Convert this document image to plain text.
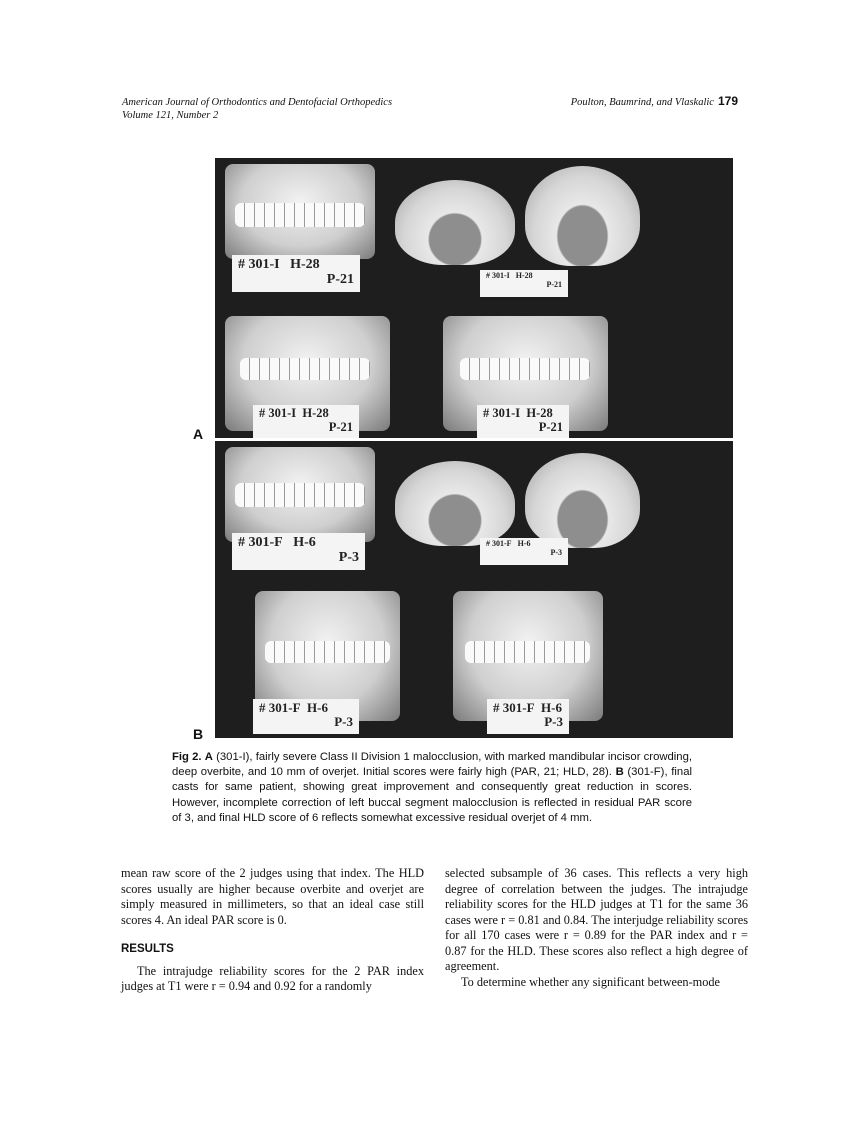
American Journal of Orthodontics and Dentofacial Orthopedics
Volume 121, Number 2
Poulton, Baumrind, and Vlaskalic 179
# 301-I H-28
P-21	# 301-I H-28
P-21
# 301-I H-28
P-21
# 301-I H-28
P-21
# 301-F H-6
P-3
# 301-F H-6
P-3
# 301-F H-6
P-3
# 301-F H-6
P-3
A
B
Fig 2. A (301-I), fairly severe Class II Division 1 malocclusion, with marked mandibular incisor crowding, deep overbite, and 10 mm of overjet. Initial scores were fairly high (PAR, 21; HLD, 28). B (301-F), final casts for same patient, showing great improvement and consequently great reduction in scores. However, incomplete correction of left buccal segment malocclusion is reflected in residual PAR score of 3, and final HLD score of 6 reflects somewhat excessive residual overjet of 4 mm.

mean raw score of the 2 judges using that index. The HLD scores usually are higher because overbite and overjet are simply measured in millimeters, so that an ideal case still scores 4. An ideal PAR score is 0.

RESULTS

The intrajudge reliability scores for the 2 PAR index judges at T1 were r = 0.94 and 0.92 for a randomly

selected subsample of 36 cases. This reflects a very high degree of correlation between the judges. The intrajudge reliability scores for the HLD judges at T1 for the same 36 cases were r = 0.81 and 0.84. The interjudge reliability scores for all 170 cases were r = 0.89 for the PAR index and r = 0.87 for the HLD. These scores also reflect a high degree of agreement.

To determine whether any significant between-mode
